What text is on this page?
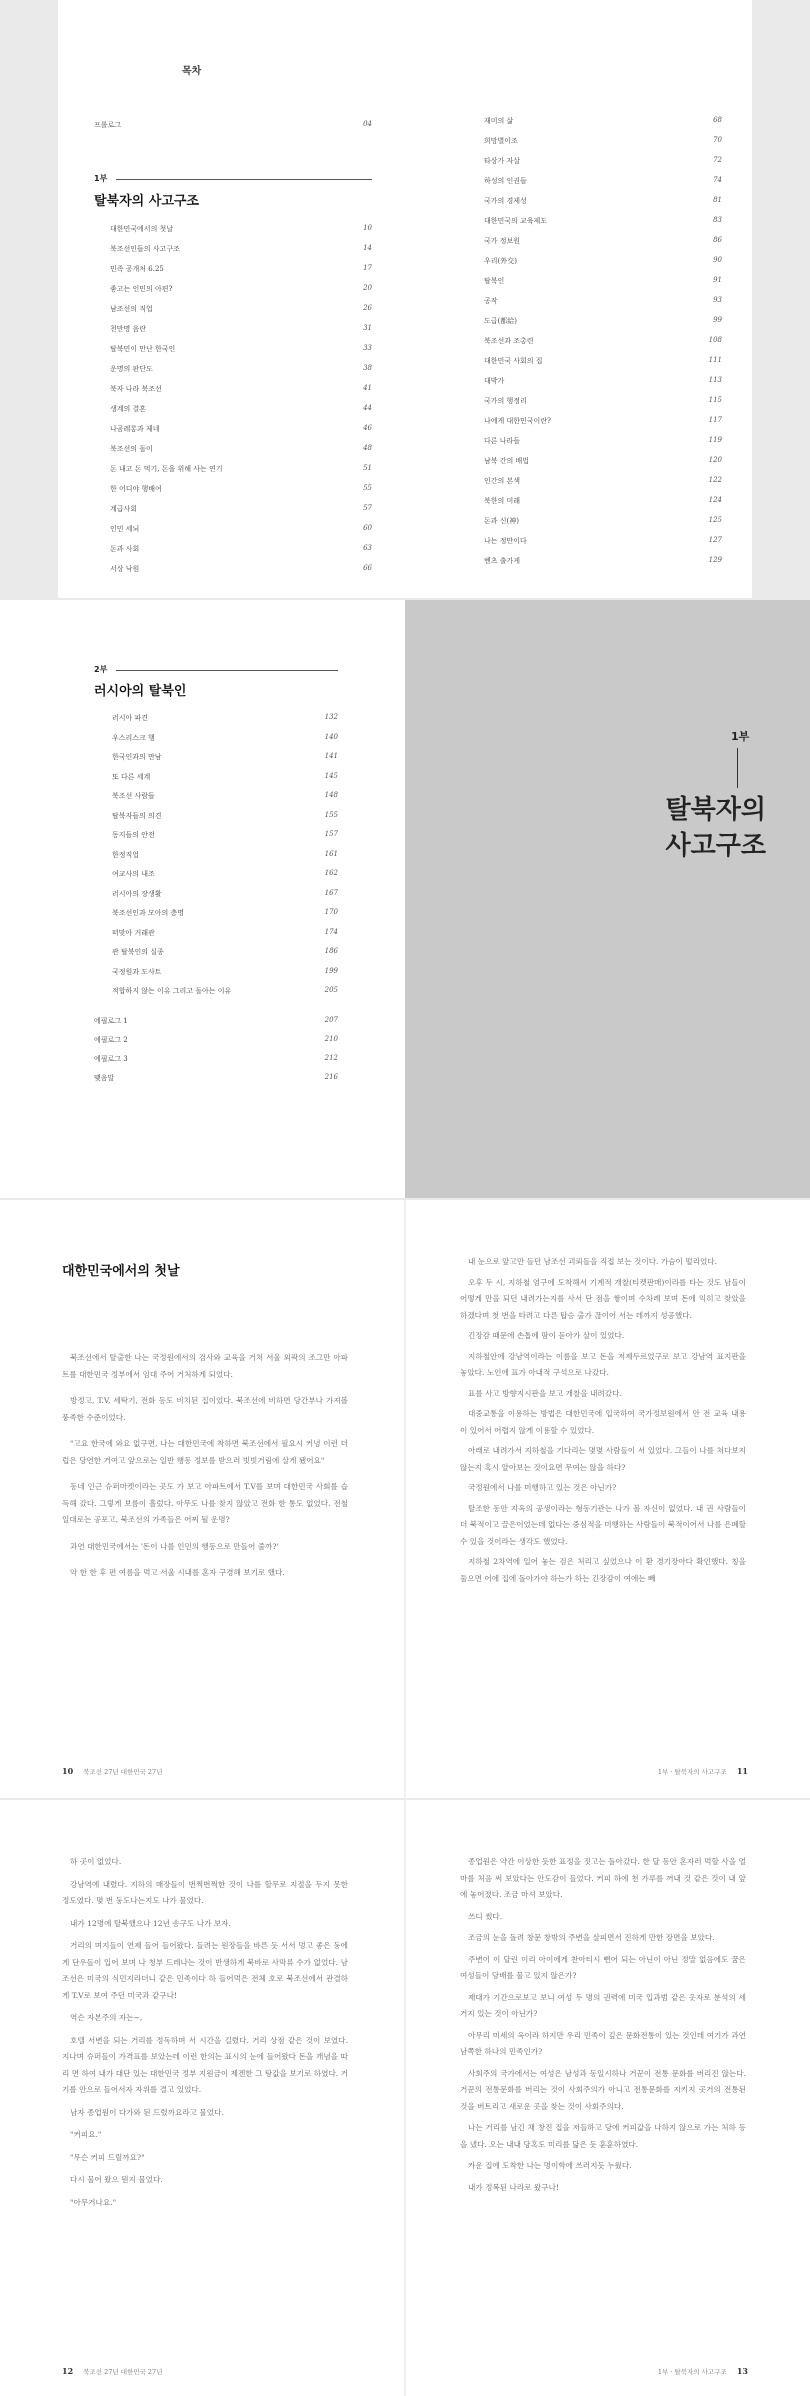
목차
프롤로그	04
1부
탈북자의 사고구조
대한민국에서의 첫날	10
북조선인들의 사고구조	14
민족 공개처 6.25	17
좋고는 인민의 아편?	20
남조선의 직업	26
천만명 음란	31
탈북민이 만난 한국인	33
운명의 판단도	38
북자 나라 북조선	41
생계의 결혼	44
나곰레롱과 제네	46
북조선의 돌이	48
돈 내고 돈 먹기, 돈을 위해 사는 연기	51
한 어디야 행배여	55
계급사회	57
인민 세뇌	60
돈과 사회	63
서상 낙원	66
재미의 삶	68
희망별이조	70
타상가 자살	72
하성의 인권들	74
국가의 경제성	81
대한민국의 교육제도	83
국가 정보원	86
우리(外交)	90
탈북인	91
공작	93
도급(都給)	99
북조선과 조총련	108
대한민국 사회의 집	111
대박가	113
국가의 행정리	115
나에게 대한민국이란?	117
다른 나라들	119
남북 간의 배법	120
인간의 본색	122
북한의 미래	124
돈과 신(神)	125
나는 정만이다	127
벤츠 출가게	129
2부
러시아의 탈북인
러시아 파견	132
우스리스크 행	140
한국인과의 만남	141
또 다른 세계	145
북조선 사람들	148
탈북자들의 의견	155
동지들의 안전	157
한정직업	161
여교사의 내조	162
러시아의 장생활	167
북조선인과 모아의 층명	170
떠맞아 거래관	174
관 탈북인의 실종	186
국정원과 도사트	199
적합하지 않는 이유 그리고 돌아는 이유	205
에필로그 1	207
에필로그 2	210
에필로그 3	212
맺음말	216
1부
탈북자의
사고구조
대한민국에서의 첫날

북조선에서 탈출한 나는 국정원에서의 검사와 교육을 거쳐 서울 외곽의 조그만 아파트를 대한민국 정부에서 임대 주어 거처하게 되었다.

방정고, T.V, 세탁기, 전화 등도 비치된 집이었다. 북조선에 비하면 당간부나 가져볼 풍족한 수준이었다.

"고요 한국에 와요 없구면, 나는 대한민국에 착하면 북조선에서 필요시 커녕 이런 더럽은 당연한 거여고 앞으로는 일반 행동 정보를 받으러 빗빗거림에 살게 됐어요"

동네 인근 슈퍼마켓이라는 곳도 가 보고 아파트에서 T.V를 보며 대한민국 사회를 습득해 갔다. 그렇게 보름이 흘렀다. 아무도 나를 찾지 않았고 전화 한 통도 없었다. 전철 일대로는 공포고, 북조선의 가족들은 어찌 될 운명?

과연 대한민국에서는 '돈이 나를 인민의 행동으로 만들어 줄까?'

악 한 한 후 편 여름을 먹고 서울 시내를 혼자 구경해 보기로 했다.

내 눈으로 앞고만 들던 남조선 괴뢰들을 직접 보는 것이다. 가슴이 떨리었다.

오후 두 시, 지하철 엄구에 도착해서 기계적 개찰(티켓판매)이라를 타는 것도 남들이 어떻게 만을 되던 내려가는지를 사서 단 점을 쌓이며 수차례 보며 돈에 익히고 찾았을 하겠다며 첫 번을 타려고 다른 탑승 출가 끊이어 서는 데까지 성공했다.

긴장감 때문에 손톱에 땀이 돋아가 살이 있었다.

지하철안에 강남역이라는 이름을 보고 돈을 저제두르었구로 보고 강남역 표지판을 놓았다. 노인에 표가 아내적 구석으로 나갔다.

표를 사고 방향지시판을 보고 개찰을 내려갔다.

대중교통을 이용하는 방법은 대한민국에 입국하여 국가정보원에서 안 전 교육 내용이 있어서 어렵지 않게 이용할 수 있었다.

아래로 내려가서 지하철을 기다리는 몇몇 사람들이 서 있었다. 그들이 나를 쳐다보지 않는지 혹시 알아보는 것이요면 무여는 않을 하다?

국정원에서 나를 미행하고 있는 것은 아닌가?

탈조한 동안 지옥의 공생이라는 형동기관는 나가 볼 자신이 없었다. 내 권 사람들이 더 북적이고 끌은이었는데 없다는 중심적을 미행하는 사람들이 북적이어서 나를 은폐할 수 있을 것이라는 생각도 했었다.

지하철 2차역에 일어 놓는 검은 처리고 싶었으나 이 환 경기장아다 확인했다. 칭을 둘으면 어에 집에 돌아가야 하는가 하는 긴장감이 여에는 빼

10 북조선 27년 대한민국 27년	1부 · 탈북자의 사고구조 11

하 곳이 없었다.

강남역에 내렸다. 지하의 매장들이 번쩍번쩍한 것이 나를 할무로 지절을 두지 못한 정도였다. 몇 번 둥도나는지도 나가 물었다.

내가 12명에 탈북했으나 12년 송구도 나가 보자.

거리의 며지들이 연제 들어 들어왔다. 들려는 원장들을 바른 듯 서서 멍고 좋은 둥에 게 단우들이 입어 보며 나 청부 드레나는 것이 반생하게 북바로 사막류 수가 없었다. 남조선은 미국의 식민지라더니 같은 민족이다 하 들어먹은 전체 호로 북조선에서 관결하게 T.V로 보여 주던 미국과 같구나!

역슨 자본주의 자는~,

호텔 서변을 되는 거리를 정독하며 서 시간을 길렸다. 거리 상점 같은 것이 보였다. 지나며 슈퍼들이 가격표를 보았는데 이런 한의는 표시의 눈에 들어왔다 돈을 개념을 따리 면 하여 내가 대단 있는 대한민국 정부 지원금이 제겐한 그 탕값을 보기로 하였다. 거기를 안으로 들어서자 자위를 결고 있었다.

남자 종업원이 다가와 된 드렸까요라고 물었다.

"커피요."

"무슨 커피 드릴까요?"

다시 물어 왔으 뭔지 물었다.

"아무거나요."

종업원은 약간 이상한 듯한 표정을 짓고는 돌아갔다. 한 달 동안 혼자러 먹할 사을 얼마를 처음 써 보았다는 안도감이 들었다. 커피 하에 천 가루를 꺼내 것 같은 것이 내 앞에 놓어졌다. 조금 마셔 보았다.

쓰디 썼다.

조금의 눈을 돌려 창문 창밖의 주변을 살피면서 진하게 만한 장면을 보았다.

주변이 이 달린 이리 아이에게 찬아티시 뻔어 되는 아닌이 아닌 정말 없음에도 꿈은 여성들이 당배를 물고 있지 않은가?

제대가 기간으로보고 보니 여성 두 명의 권력에 미국 입과범 같은 옷자로 분석의 세거지 있는 것이 아닌가?

아무리 미세의 옥이라 하지만 우리 민족이 깊은 문화전통이 있는 것인데 여기가 과연 남쪽한 하나의 민족인가?

사회주의 국가에서는 여성은 남성과 동일시하나 거꾼이 전통 문화를 버리진 않는다. 거꾼의 전통문화를 버리는 것이 사회주의가 아니고 전통문화를 지키지 곳거의 전통된 것을 버트리고 새로운 곳을 찾는 것이 사회주의다.

나는 거리를 남긴 채 창진 집을 저들하고 당에 커피값을 나하지 않으로 가는 처하 등을 냈다. 오는 내내 당혹도 미리를 닮은 듯 훈훈하였다.

카운 집에 도착한 나는 명이학에 쓰러지듯 누웠다.

내가 정복된 나라로 왔구나!

12 북조선 27년 대한민국 27년	1부 · 탈북자의 사고구조 13
